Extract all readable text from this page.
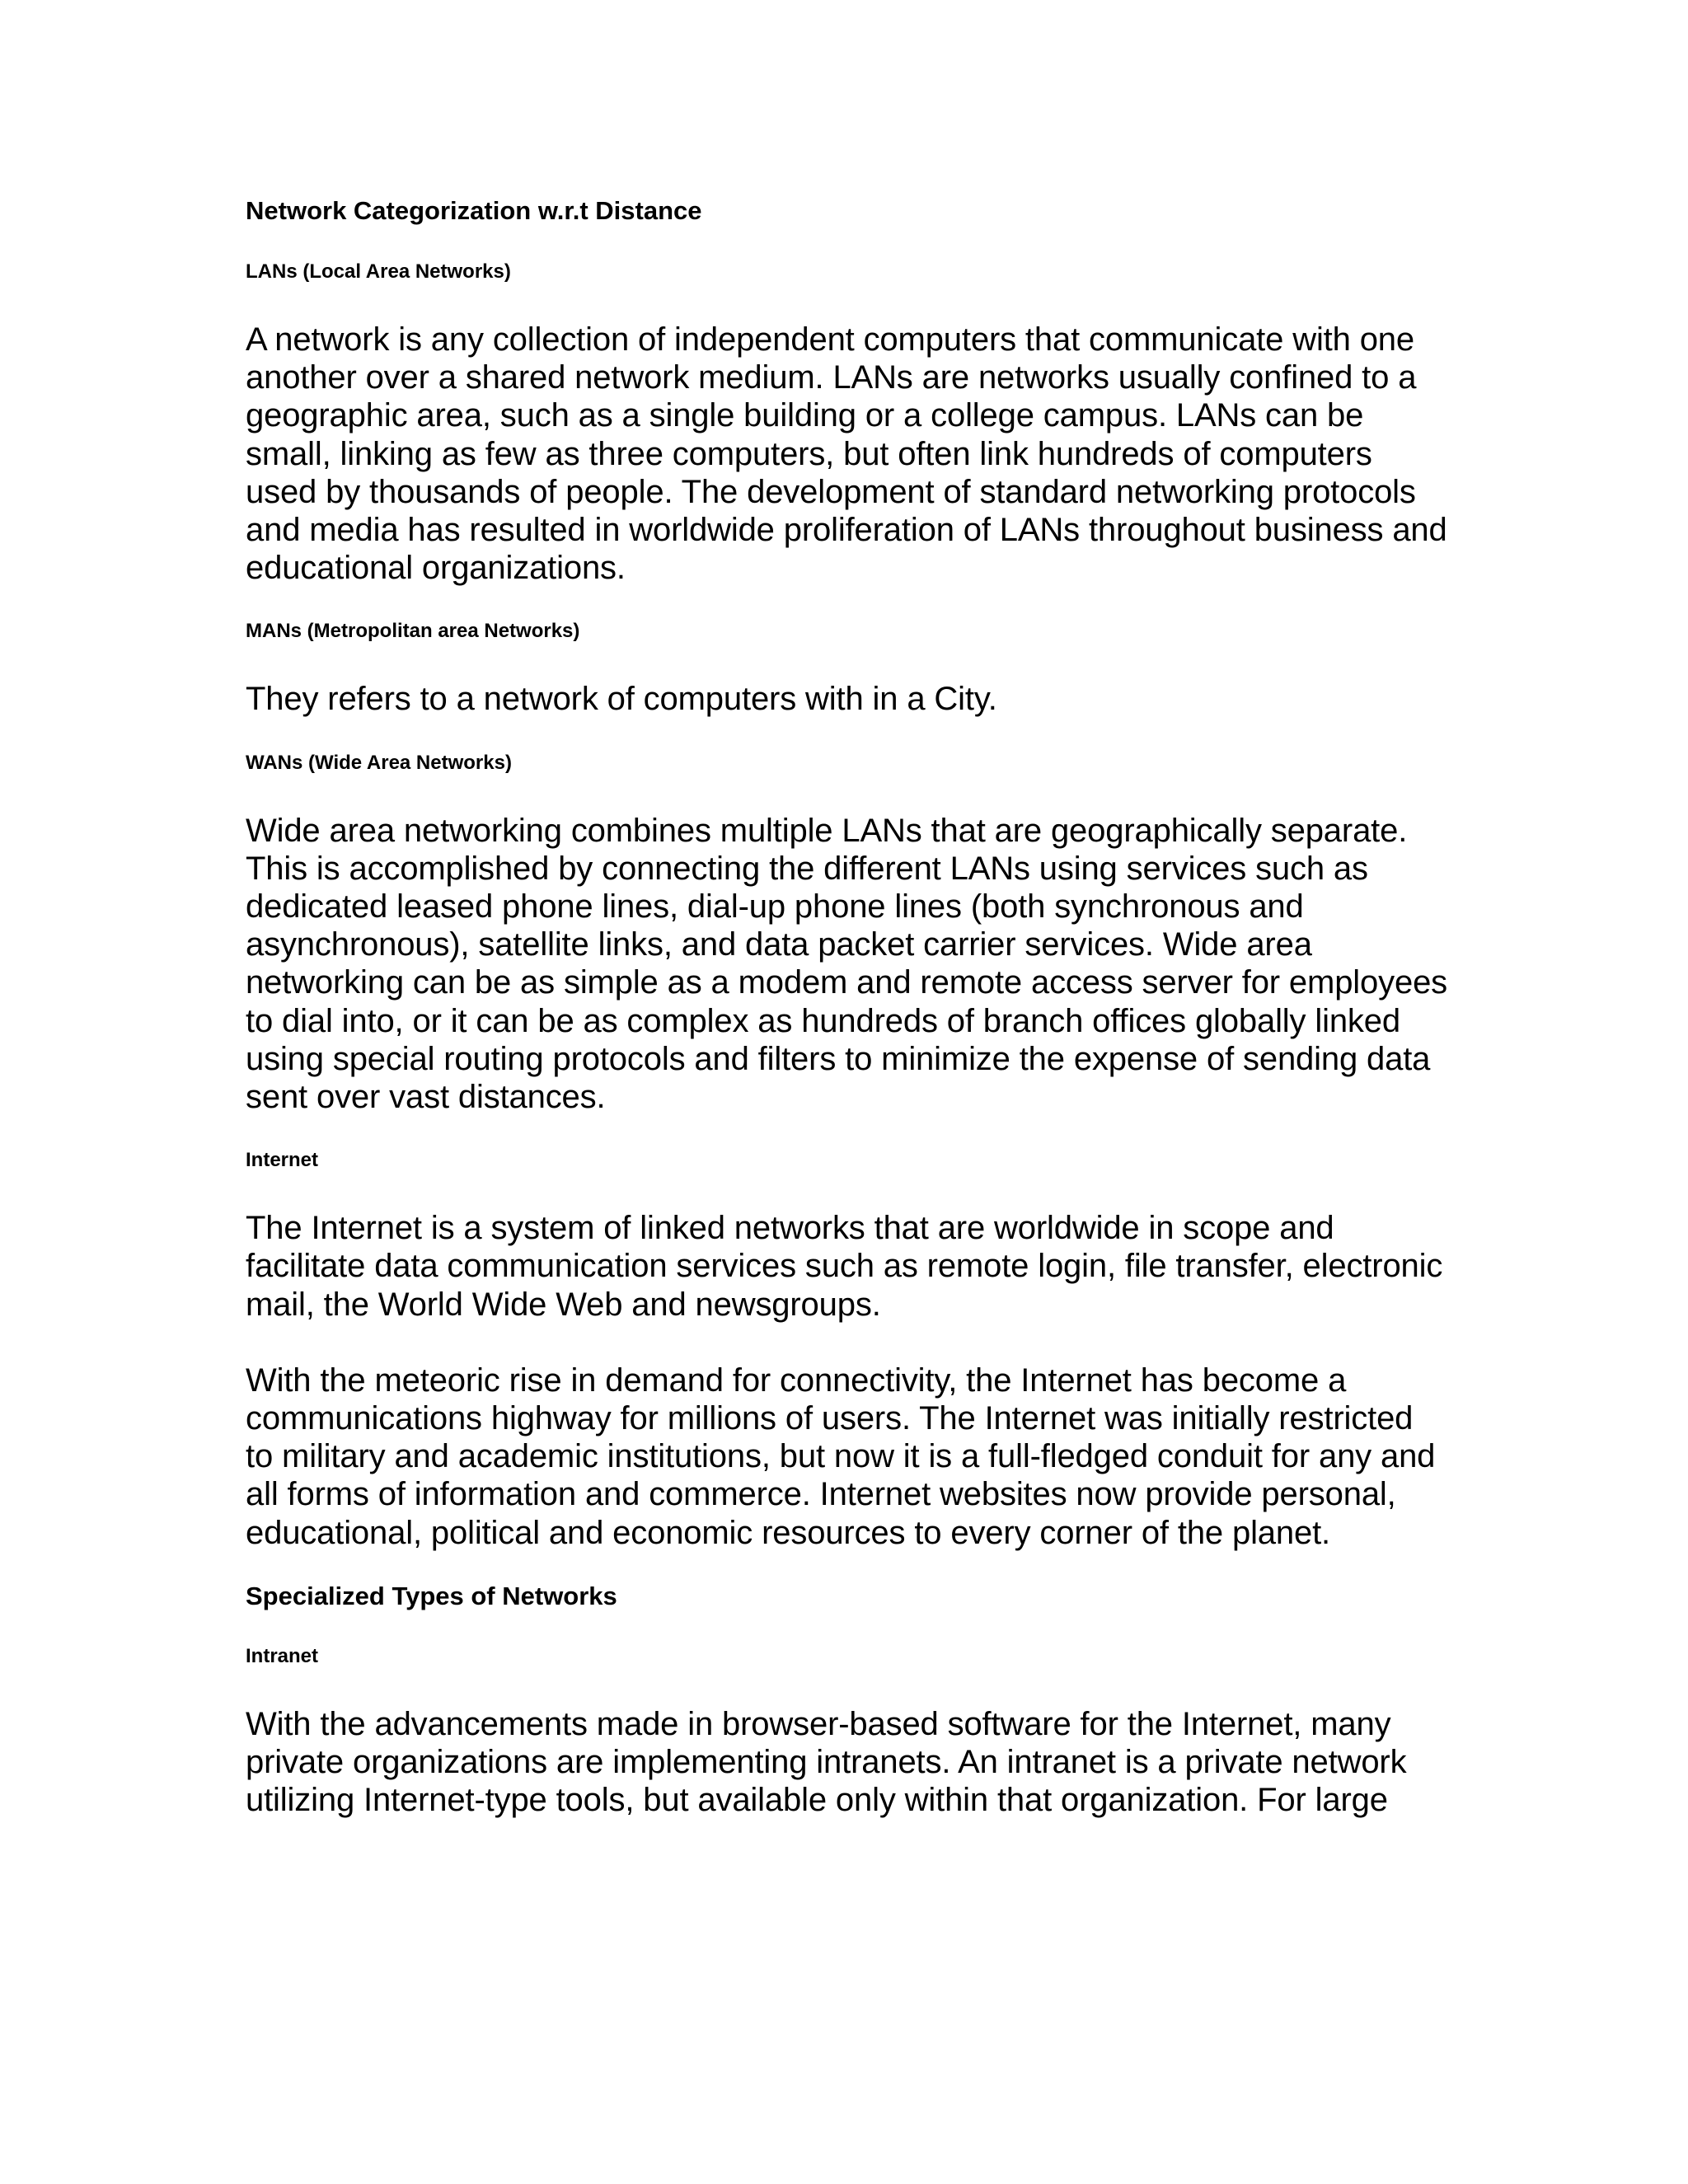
Network Categorization w.r.t Distance
LANs (Local Area Networks)

A network is any collection of independent computers that communicate with one another over a shared network medium. LANs are networks usually confined to a geographic area, such as a single building or a college campus. LANs can be small, linking as few as three computers, but often link hundreds of computers used by thousands of people. The development of standard networking protocols and media has resulted in worldwide proliferation of LANs throughout business and educational organizations.

MANs (Metropolitan area Networks)

They refers to a network of computers with in a City.

WANs (Wide Area Networks)

Wide area networking combines multiple LANs that are geographically separate. This is accomplished by connecting the different LANs using services such as dedicated leased phone lines, dial-up phone lines (both synchronous and asynchronous), satellite links, and data packet carrier services. Wide area networking can be as simple as a modem and remote access server for employees to dial into, or it can be as complex as hundreds of branch offices globally linked using special routing protocols and filters to minimize the expense of sending data sent over vast distances.

Internet

The Internet is a system of linked networks that are worldwide in scope and facilitate data communication services such as remote login, file transfer, electronic mail, the World Wide Web and newsgroups.

With the meteoric rise in demand for connectivity, the Internet has become a communications highway for millions of users. The Internet was initially restricted to military and academic institutions, but now it is a full-fledged conduit for any and all forms of information and commerce. Internet websites now provide personal, educational, political and economic resources to every corner of the planet.

Specialized Types of Networks
Intranet

With the advancements made in browser-based software for the Internet, many private organizations are implementing intranets. An intranet is a private network utilizing Internet-type tools, but available only within that organization. For large
